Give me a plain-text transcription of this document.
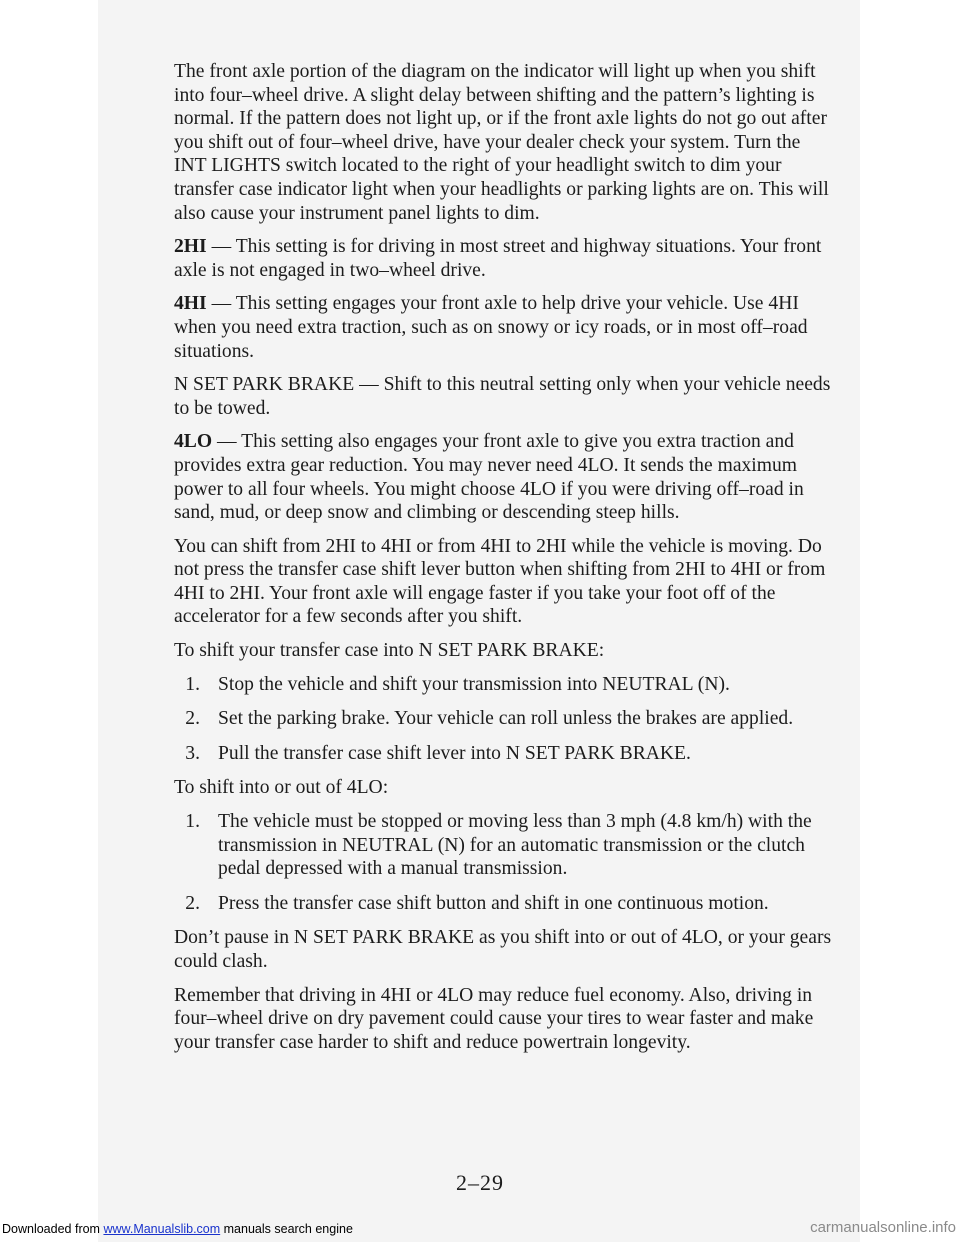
The front axle portion of the diagram on the indicator will light up when you shift into four–wheel drive. A slight delay between shifting and the pattern’s lighting is normal. If the pattern does not light up, or if the front axle lights do not go out after you shift out of four–wheel drive, have your dealer check your system. Turn the INT LIGHTS switch located to the right of your headlight switch to dim your transfer case indicator light when your headlights or parking lights are on. This will also cause your instrument panel lights to dim.

2HI — This setting is for driving in most street and highway situations. Your front axle is not engaged in two–wheel drive.

4HI — This setting engages your front axle to help drive your vehicle. Use 4HI when you need extra traction, such as on snowy or icy roads, or in most off–road situations.

N SET PARK BRAKE — Shift to this neutral setting only when your vehicle needs to be towed.

4LO — This setting also engages your front axle to give you extra traction and provides extra gear reduction. You may never need 4LO. It sends the maximum power to all four wheels. You might choose 4LO if you were driving off–road in sand, mud, or deep snow and climbing or descending steep hills.

You can shift from 2HI to 4HI or from 4HI to 2HI while the vehicle is moving. Do not press the transfer case shift lever button when shifting from 2HI to 4HI or from 4HI to 2HI. Your front axle will engage faster if you take your foot off of the accelerator for a few seconds after you shift.

To shift your transfer case into N SET PARK BRAKE:

1. Stop the vehicle and shift your transmission into NEUTRAL (N).
2. Set the parking brake. Your vehicle can roll unless the brakes are applied.
3. Pull the transfer case shift lever into N SET PARK BRAKE.

To shift into or out of 4LO:

1. The vehicle must be stopped or moving less than 3 mph (4.8 km/h) with the transmission in NEUTRAL (N) for an automatic transmission or the clutch pedal depressed with a manual transmission.
2. Press the transfer case shift button and shift in one continuous motion.

Don’t pause in N SET PARK BRAKE as you shift into or out of 4LO, or your gears could clash.

Remember that driving in 4HI or 4LO may reduce fuel economy. Also, driving in four–wheel drive on dry pavement could cause your tires to wear faster and make your transfer case harder to shift and reduce powertrain longevity.

2–29
Downloaded from www.Manualslib.com manuals search engine	carmanualsonline.info
